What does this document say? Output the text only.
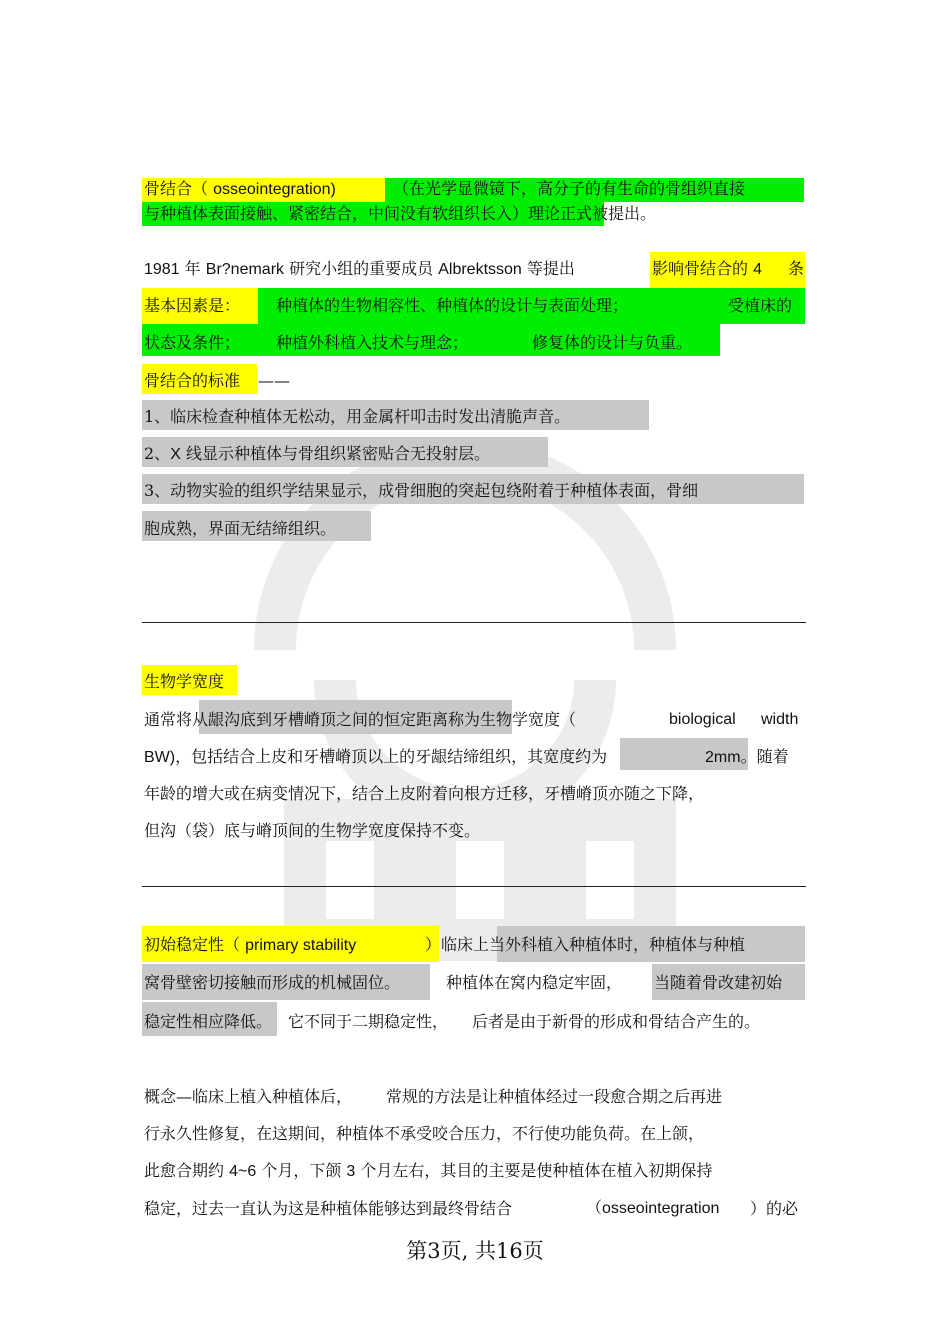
骨结合（ osseointegration)	（在光学显微镜下，高分子的有生命的骨组织直接
与种植体表面接触、紧密结合，中间没有软组织长入）理论正式被提出。
1981 年 Br?nemark 研究小组的重要成员 Albrektsson 等提出	影响骨结合的 4 条
基本因素是： 种植体的生物相容性、种植体的设计与表面处理；	受植床的
状态及条件； 种植外科植入技术与理念；	修复体的设计与负重。
骨结合的标准 ——
1、临床检查种植体无松动，用金属杆叩击时发出清脆声音。
2、X 线显示种植体与骨组织紧密贴合无投射层。
3、动物实验的组织学结果显示，成骨细胞的突起包绕附着于种植体表面，骨细
胞成熟，界面无结缔组织。
生物学宽度
通常将从龈沟底到牙槽嵴顶之间的恒定距离称为生物学宽度（	biological width
BW)，包括结合上皮和牙槽嵴顶以上的牙龈结缔组织，其宽度约为	2mm。随着
年龄的增大或在病变情况下，结合上皮附着向根方迁移，牙槽嵴顶亦随之下降，
但沟（袋）底与嵴顶间的生物学宽度保持不变。
初始稳定性（ primary stability	）临床上当外科植入种植体时，种植体与种植
窝骨壁密切接触而形成的机械固位。	种植体在窝内稳定牢固， 当随着骨改建初始
稳定性相应降低。 它不同于二期稳定性， 后者是由于新骨的形成和骨结合产生的。
概念—临床上植入种植体后， 常规的方法是让种植体经过一段愈合期之后再进
行永久性修复，在这期间，种植体不承受咬合压力，不行使功能负荷。在上颌，
此愈合期约 4~6 个月，下颌 3 个月左右，其目的主要是使种植体在植入初期保持
稳定，过去一直认为这是种植体能够达到最终骨结合	（osseointegration ）的必
第3页, 共16页
